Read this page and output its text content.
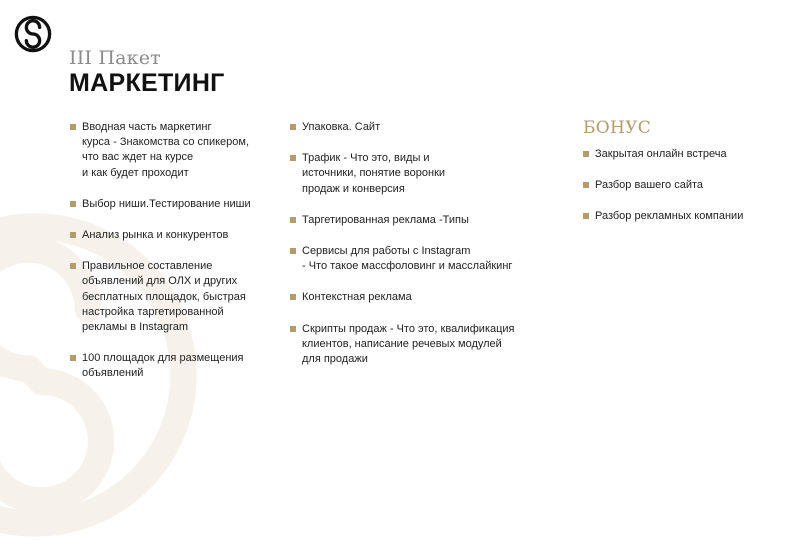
III Пакет
МАРКЕТИНГ
Вводная часть маркетинг
курса - Знакомства со спикером,
что вас ждет на курсе
и как будет проходит
Выбор ниши.Тестирование ниши
Анализ рынка и конкурентов
Правильное составление
объявлений для ОЛХ и других
бесплатных площадок, быстрая
настройка таргетированной
рекламы в Instagram
100 площадок для размещения
объявлений
Упаковка. Сайт
Трафик - Что это, виды и
источники, понятие воронки
продаж и конверсия
Таргетированная реклама -Типы
Сервисы для работы с Instagram
- Что такое массфоловинг и масслайкинг
Контекстная реклама
Скрипты продаж - Что это, квалификация
клиентов, написание речевых модулей
для продажи
БОНУС
Закрытая онлайн встреча
Разбор вашего сайта
Разбор рекламных компании
